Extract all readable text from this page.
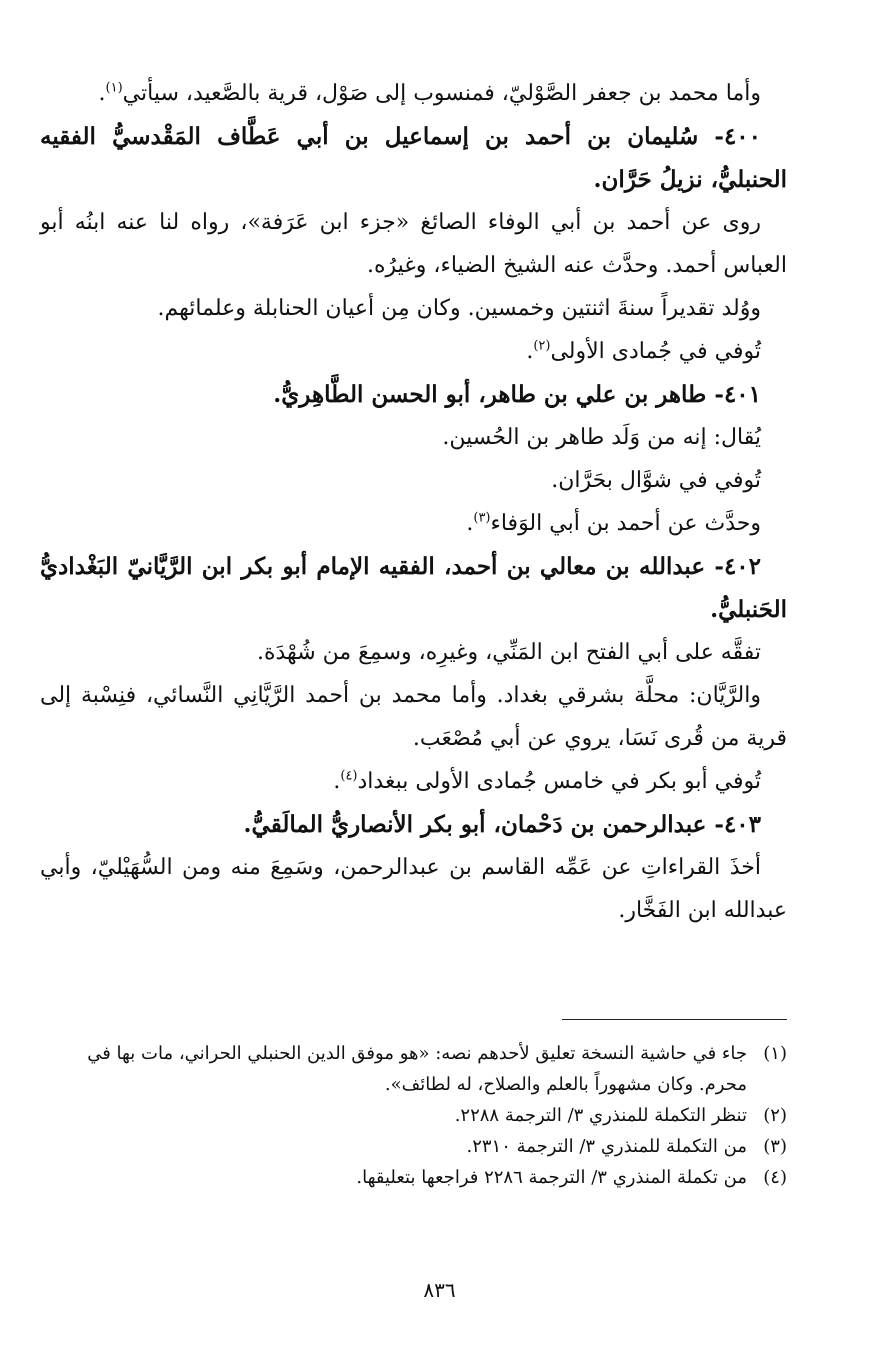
وأما محمد بن جعفر الصَّوْليّ، فمنسوب إلى صَوْل، قرية بالصَّعيد، سيأتي$^{(١)}$.

٤٠٠- سُليمان بن أحمد بن إسماعيل بن أبي عَطَّاف المَقْدسيُّ الفقيه الحنبليُّ، نزيلُ حَرَّان.

روى عن أحمد بن أبي الوفاء الصائغ «جزء ابن عَرَفة»، رواه لنا عنه ابنُه أبو العباس أحمد. وحدَّث عنه الشيخ الضياء، وغيرُه.

ووُلد تقديراً سنةَ اثنتين وخمسين. وكان مِن أعيان الحنابلة وعلمائهم.

تُوفي في جُمادى الأولى$^{(٢)}$.

٤٠١- طاهر بن علي بن طاهر، أبو الحسن الطَّاهِريُّ.

يُقال: إنه من وَلَد طاهر بن الحُسين.

تُوفي في شوَّال بحَرَّان.

وحدَّث عن أحمد بن أبي الوَفاء$^{(٣)}$.

٤٠٢- عبدالله بن معالي بن أحمد، الفقيه الإمام أبو بكر ابن الرَّيَّانيّ البَغْداديُّ الحَنبليُّ.

تفقَّه على أبي الفتح ابن المَنِّي، وغيرِه، وسمِعَ من شُهْدَة.

والرَّيَّان: محلَّة بشرقي بغداد. وأما محمد بن أحمد الرَّيَّانِي النَّسائي، فنِسْبة إلى قرية من قُرى نَسَا، يروي عن أبي مُصْعَب.

تُوفي أبو بكر في خامس جُمادى الأولى ببغداد$^{(٤)}$.

٤٠٣- عبدالرحمن بن دَحْمان، أبو بكر الأنصاريُّ المالَقيُّ.

أخذَ القراءاتِ عن عَمِّه القاسم بن عبدالرحمن، وسَمِعَ منه ومن السُّهَيْليّ، وأبي عبدالله ابن الفَخَّار.

(١)
جاء في حاشية النسخة تعليق لأحدهم نصه: «هو موفق الدين الحنبلي الحراني، مات بها في محرم. وكان مشهوراً بالعلم والصلاح، له لطائف».
(٢)
تنظر التكملة للمنذري ٣/ الترجمة ٢٢٨٨.
(٣)
من التكملة للمنذري ٣/ الترجمة ٢٣١٠.
(٤)
من تكملة المنذري ٣/ الترجمة ٢٢٨٦ فراجعها بتعليقها.
٨٣٦
